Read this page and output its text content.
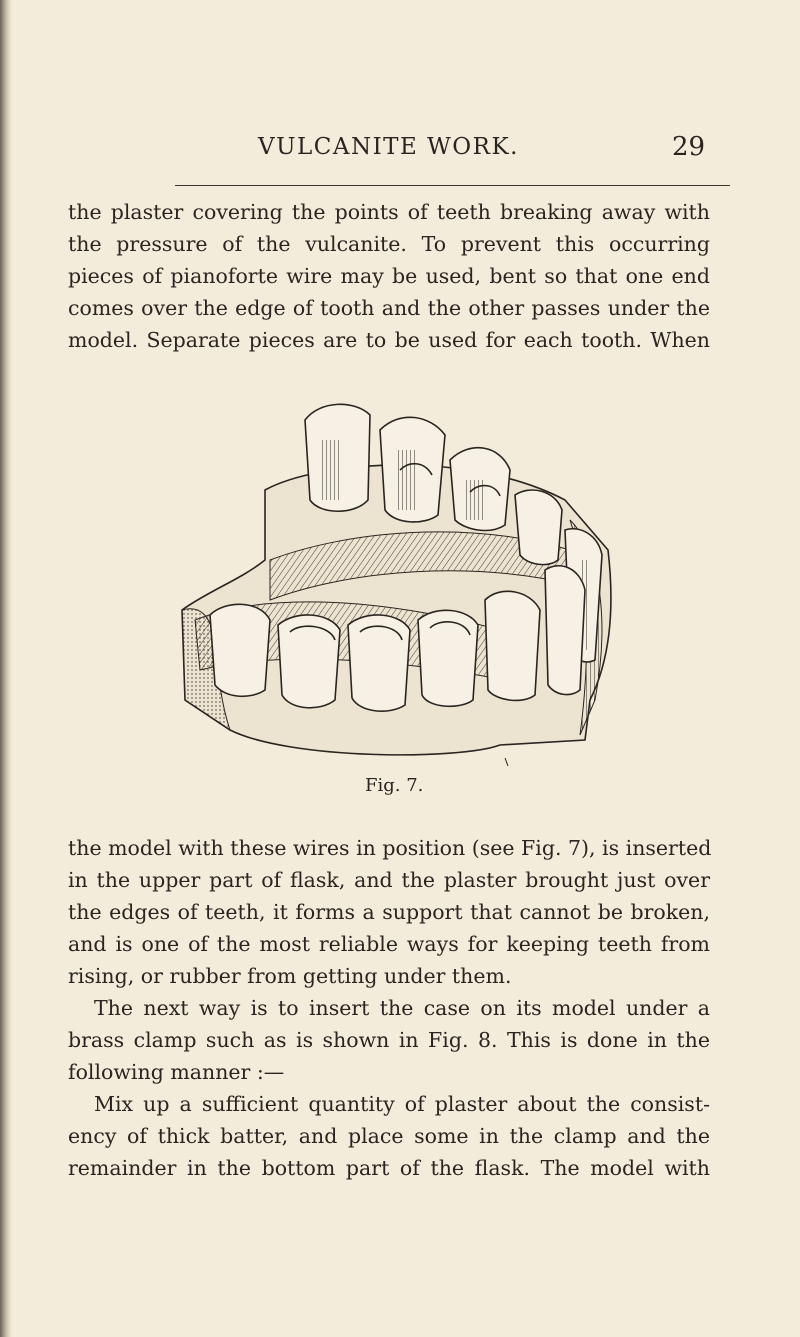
VULCANITE WORK.	29
the plaster covering the points of teeth breaking away with
the pressure of the vulcanite. To prevent this occurring
pieces of pianoforte wire may be used, bent so that one end
comes over the edge of tooth and the other passes under the
model. Separate pieces are to be used for each tooth. When
Fig. 7.
the model with these wires in position (see Fig. 7), is inserted
in the upper part of flask, and the plaster brought just over
the edges of teeth, it forms a support that cannot be broken,
and is one of the most reliable ways for keeping teeth from
rising, or rubber from getting under them.
The next way is to insert the case on its model under a
brass clamp such as is shown in Fig. 8. This is done in the
following manner :—
Mix up a sufficient quantity of plaster about the consist-
ency of thick batter, and place some in the clamp and the
remainder in the bottom part of the flask. The model with
